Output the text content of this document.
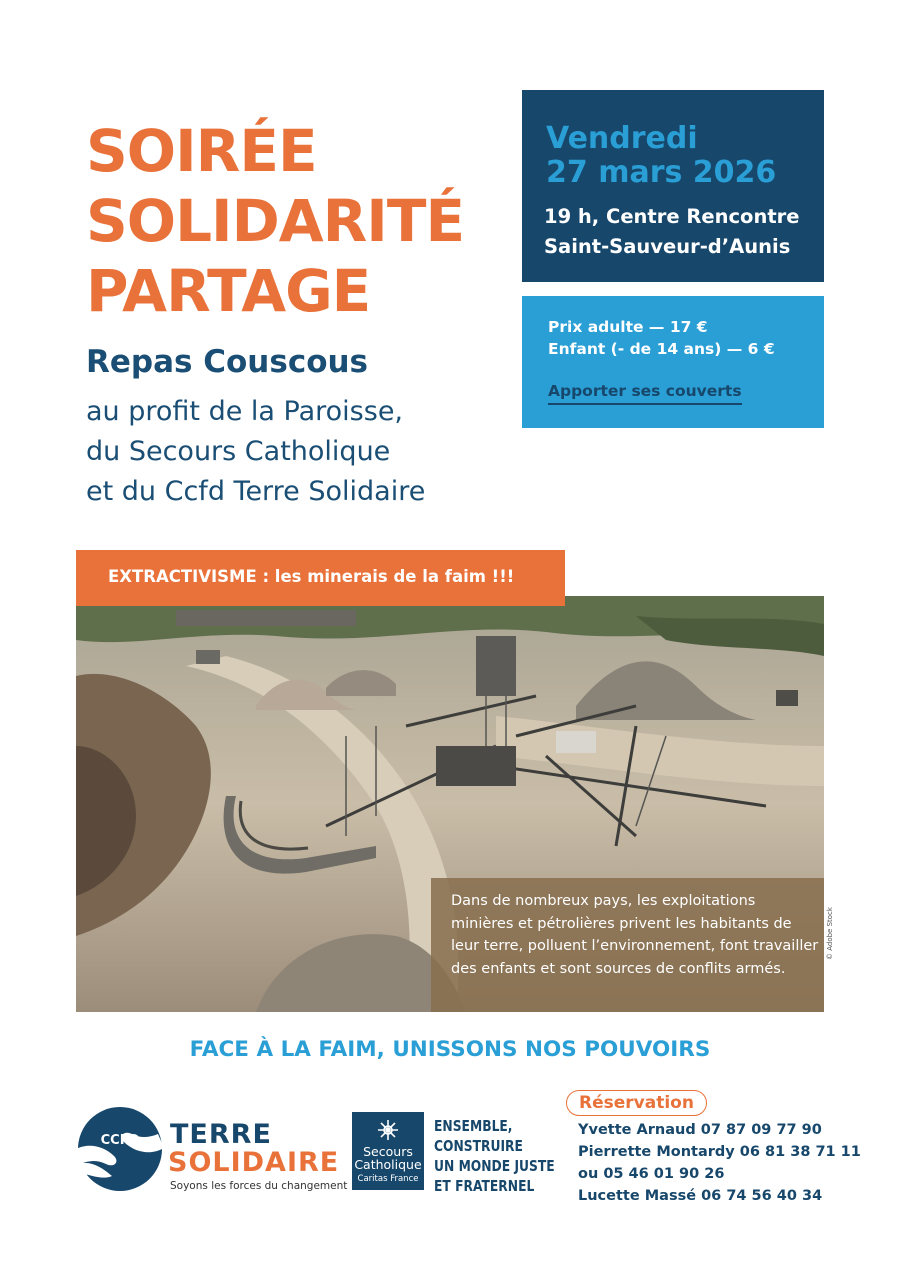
SOIRÉE
SOLIDARITÉ
PARTAGE
Repas Couscous
au profit de la Paroisse,
du Secours Catholique
et du Ccfd Terre Solidaire
Vendredi
27 mars 2026
19 h, Centre Rencontre
Saint-Sauveur-d’Aunis
Prix adulte — 17 €
Enfant (- de 14 ans) — 6 €
Apporter ses couverts
EXTRACTIVISME : les minerais de la faim !!!
Dans de nombreux pays, les exploitations minières et pétrolières privent les habitants de leur terre, polluent l’environnement, font travailler des enfants et sont sources de conflits armés.
© Adobe Stock
FACE À LA FAIM, UNISSONS NOS POUVOIRS
CCFD TERRE
SOLIDAIRE
Soyons les forces du changement
Secours
Catholique
Caritas France
ENSEMBLE,
CONSTRUIRE
UN MONDE JUSTE
ET FRATERNEL
Réservation
Yvette Arnaud 07 87 09 77 90
Pierrette Montardy 06 81 38 71 11
ou 05 46 01 90 26
Lucette Massé 06 74 56 40 34
